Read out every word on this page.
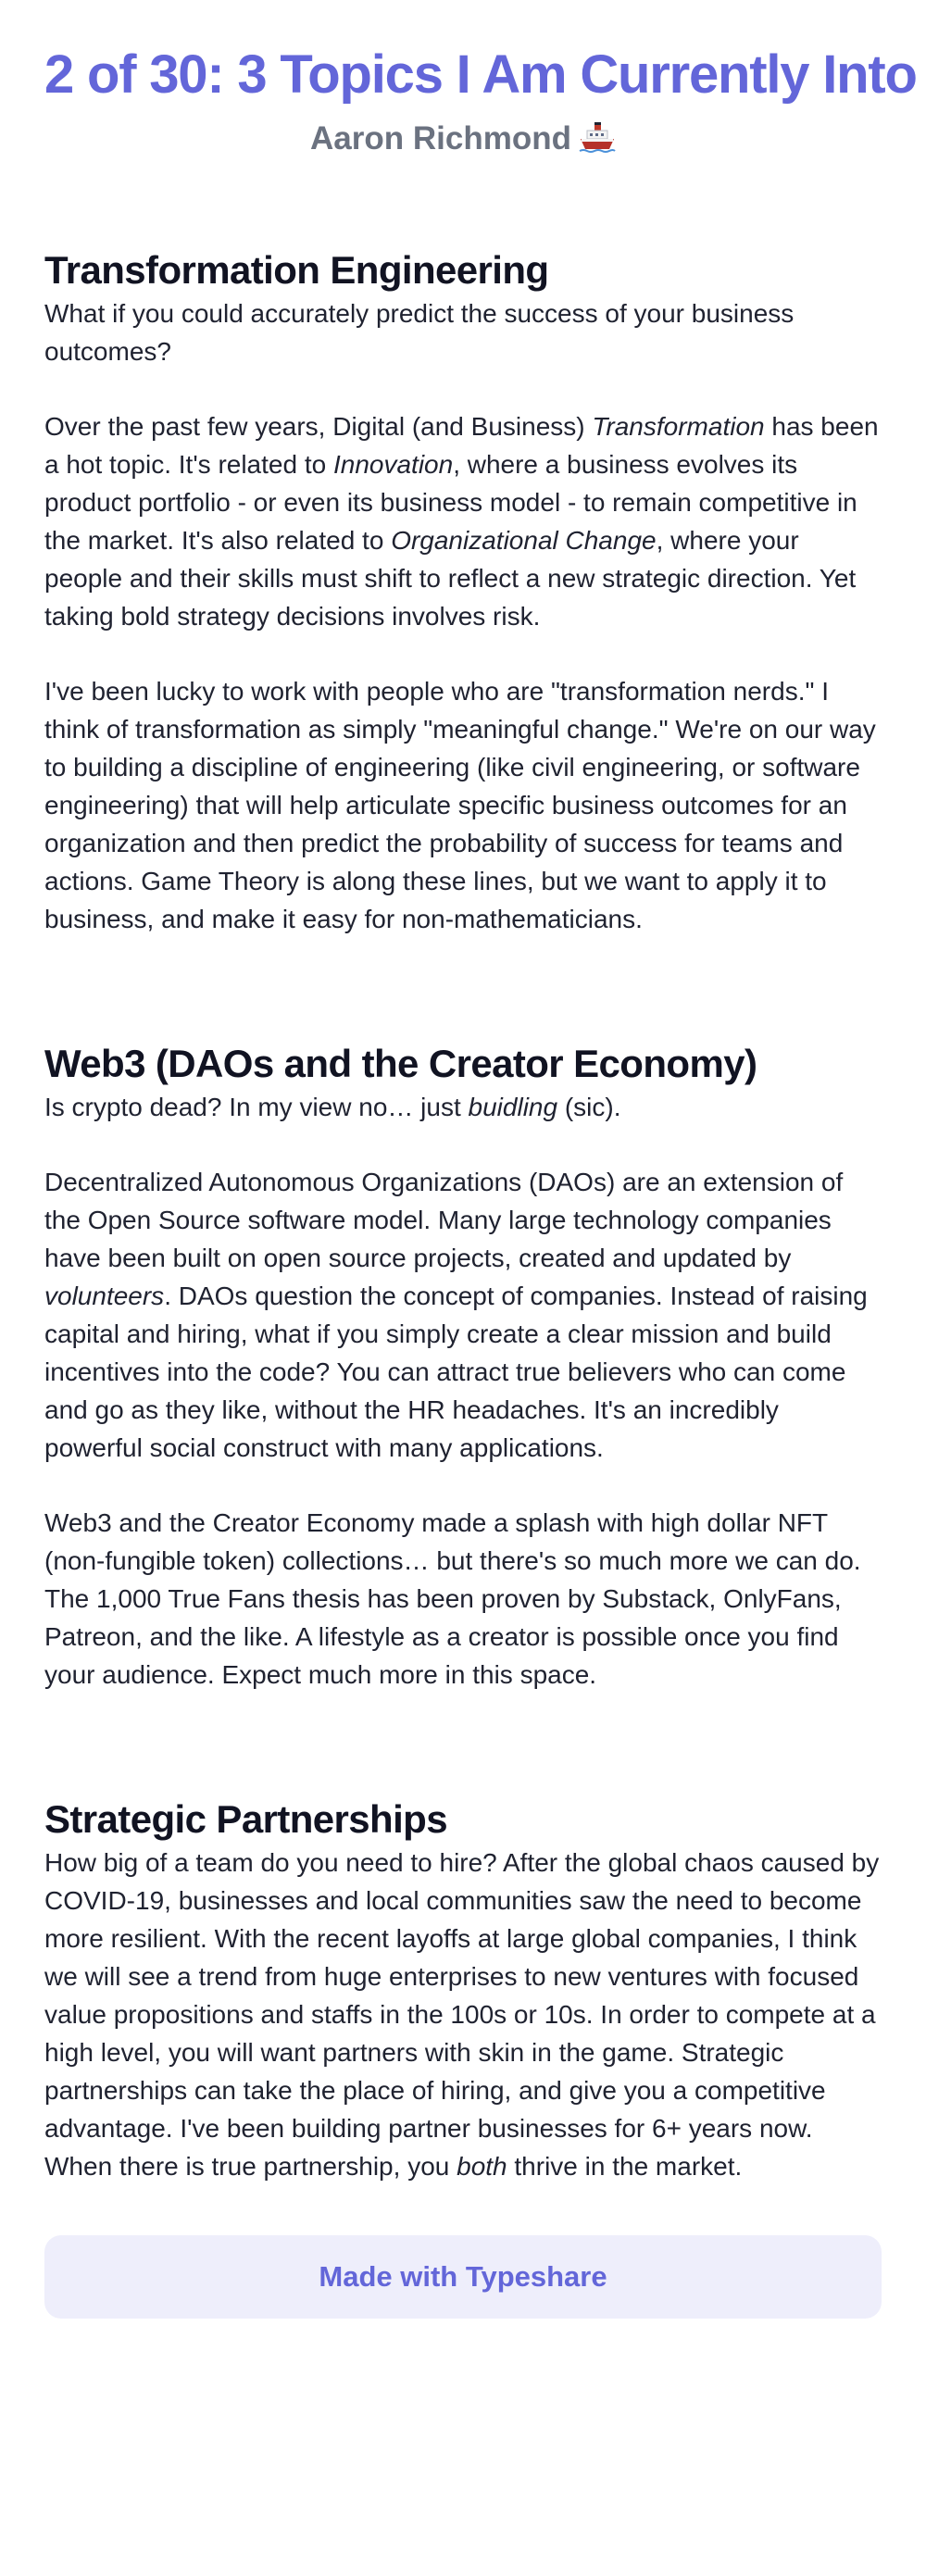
2 of 30: 3 Topics I Am Currently Into
Aaron Richmond
Transformation Engineering

What if you could accurately predict the success of your business outcomes?

Over the past few years, Digital (and Business) Transformation has been a hot topic. It's related to Innovation, where a business evolves its product portfolio - or even its business model - to remain competitive in the market. It's also related to Organizational Change, where your people and their skills must shift to reflect a new strategic direction. Yet taking bold strategy decisions involves risk.

I've been lucky to work with people who are "transformation nerds." I think of transformation as simply "meaningful change." We're on our way to building a discipline of engineering (like civil engineering, or software engineering) that will help articulate specific business outcomes for an organization and then predict the probability of success for teams and actions. Game Theory is along these lines, but we want to apply it to business, and make it easy for non-mathematicians.

Web3 (DAOs and the Creator Economy)

Is crypto dead? In my view no… just buidling (sic).

Decentralized Autonomous Organizations (DAOs) are an extension of the Open Source software model. Many large technology companies have been built on open source projects, created and updated by volunteers. DAOs question the concept of companies. Instead of raising capital and hiring, what if you simply create a clear mission and build incentives into the code? You can attract true believers who can come and go as they like, without the HR headaches. It's an incredibly powerful social construct with many applications.

Web3 and the Creator Economy made a splash with high dollar NFT (non-fungible token) collections… but there's so much more we can do. The 1,000 True Fans thesis has been proven by Substack, OnlyFans, Patreon, and the like. A lifestyle as a creator is possible once you find your audience. Expect much more in this space.

Strategic Partnerships

How big of a team do you need to hire? After the global chaos caused by COVID-19, businesses and local communities saw the need to become more resilient. With the recent layoffs at large global companies, I think we will see a trend from huge enterprises to new ventures with focused value propositions and staffs in the 100s or 10s. In order to compete at a high level, you will want partners with skin in the game. Strategic partnerships can take the place of hiring, and give you a competitive advantage. I've been building partner businesses for 6+ years now. When there is true partnership, you both thrive in the market.

Made with Typeshare
